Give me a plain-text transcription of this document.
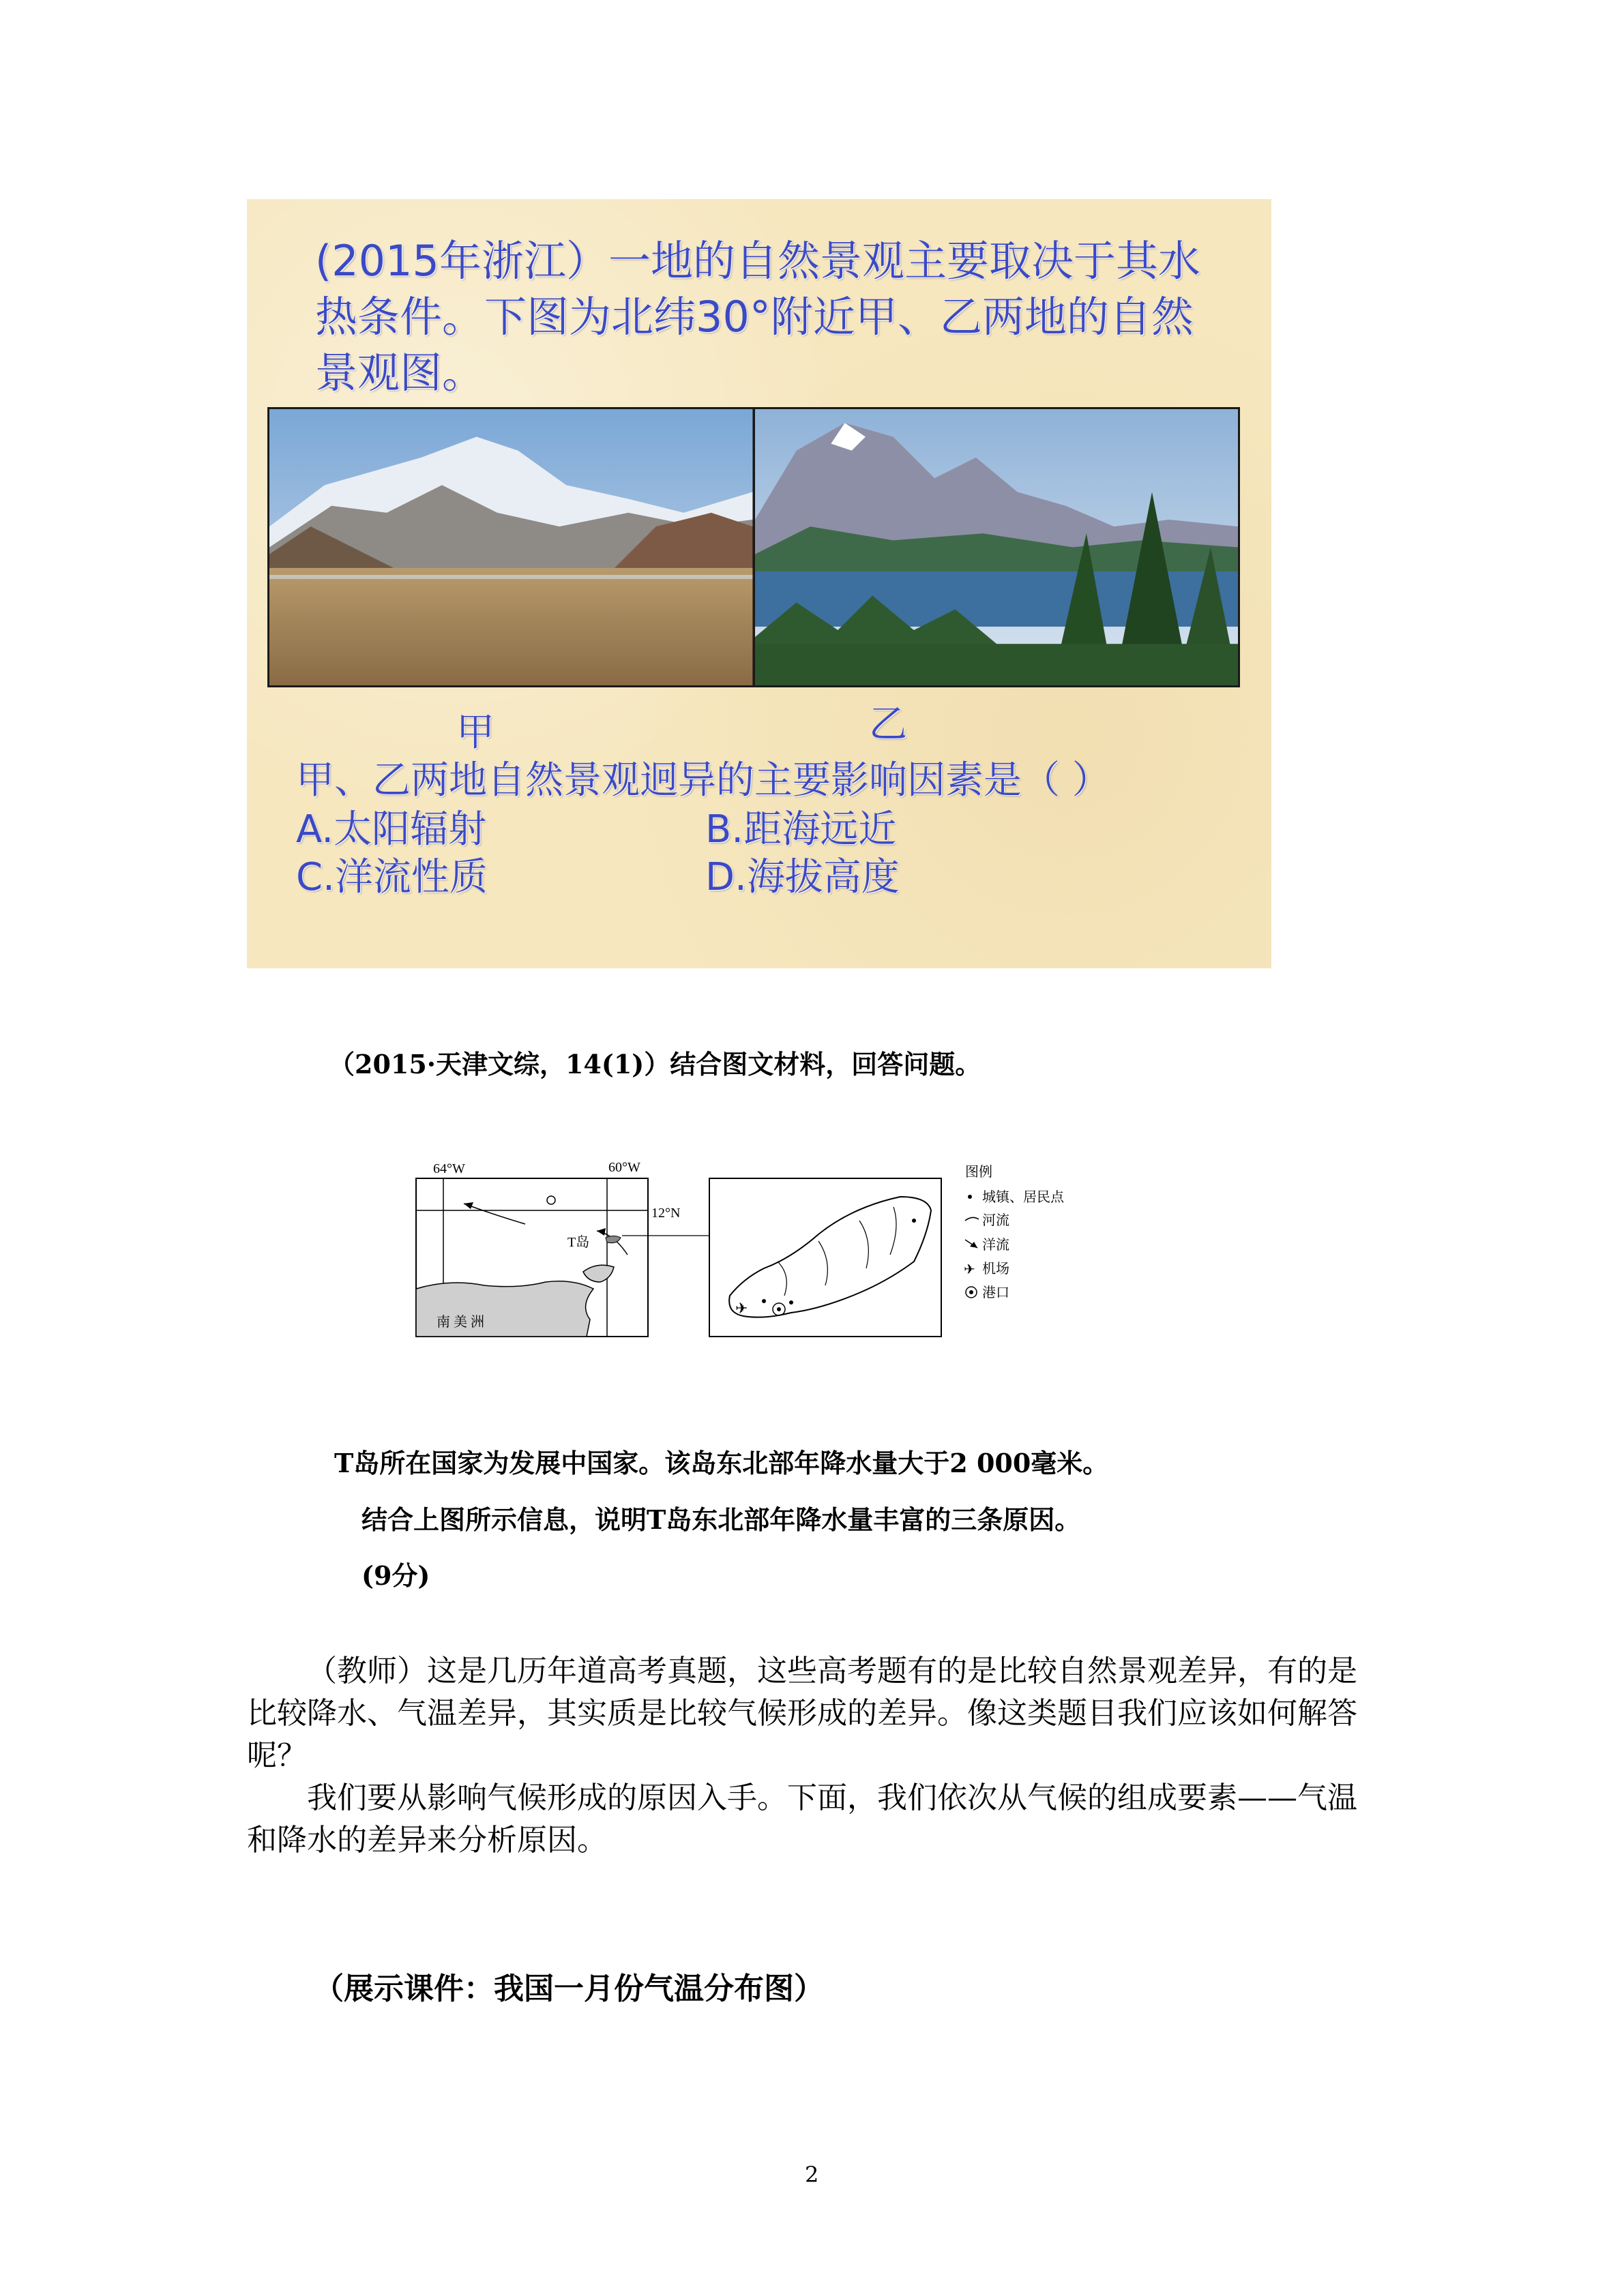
(2015年浙江）一地的自然景观主要取决于其水热条件。下图为北纬30°附近甲、乙两地的自然景观图。

甲	乙
甲、乙两地自然景观迥异的主要影响因素是（ ）
A.太阳辐射	B.距海远近
C.洋流性质	D.海拔高度
（2015·天津文综，14(1)）结合图文材料，回答问题。
64°W	60°W
12°N
南 美 洲
T岛
✈
图例
城镇、居民点
河流
洋流
✈ 机场
港口
T岛所在国家为发展中国家。该岛东北部年降水量大于2 000毫米。
结合上图所示信息，说明T岛东北部年降水量丰富的三条原因。
(9分)

（教师）这是几历年道高考真题，这些高考题有的是比较自然景观差异，有的是比较降水、气温差异，其实质是比较气候形成的差异。像这类题目我们应该如何解答呢？

我们要从影响气候形成的原因入手。下面，我们依次从气候的组成要素——气温和降水的差异来分析原因。

（展示课件：我国一月份气温分布图）
2
